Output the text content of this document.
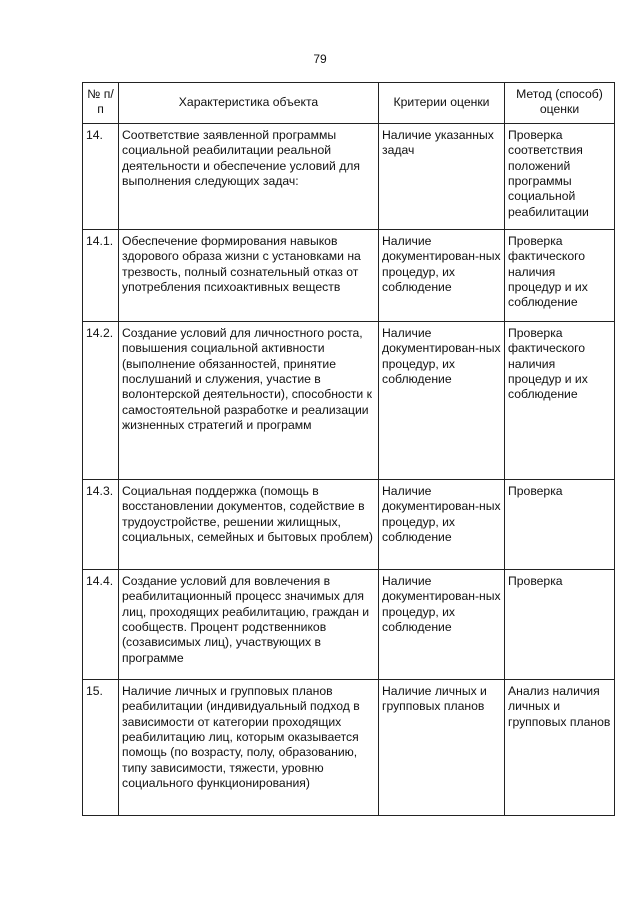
79
№ п/п	Характеристика объекта	Критерии оценки	Метод (способ) оценки
14.	Соответствие заявленной программы социальной реабилитации реальной деятельности и обеспечение условий для выполнения следующих задач:	Наличие указанных задач	Проверка соответствия положений программы социальной реабилитации
14.1.	Обеспечение формирования навыков здорового образа жизни с установками на трезвость, полный сознательный отказ от употребления психоактивных веществ	Наличие документирован-ных процедур, их соблюдение	Проверка фактического наличия процедур и их соблюдение
14.2.	Создание условий для личностного роста, повышения социальной активности (выполнение обязанностей, принятие послушаний и служения, участие в волонтерской деятельности), способности к самостоятельной разработке и реализации жизненных стратегий и программ	Наличие документирован-ных процедур, их соблюдение	Проверка фактического наличия процедур и их соблюдение
14.3.	Социальная поддержка (помощь в восстановлении документов, содействие в трудоустройстве, решении жилищных, социальных, семейных и бытовых проблем)	Наличие документирован-ных процедур, их соблюдение	Проверка
14.4.	Создание условий для вовлечения в реабилитационный процесс значимых для лиц, проходящих реабилитацию, граждан и сообществ. Процент родственников (созависимых лиц), участвующих в программе	Наличие документирован-ных процедур, их соблюдение	Проверка
15.	Наличие личных и групповых планов реабилитации (индивидуальный подход в зависимости от категории проходящих реабилитацию лиц, которым оказывается помощь (по возрасту, полу, образованию, типу зависимости, тяжести, уровню социального функционирования)	Наличие личных и групповых планов	Анализ наличия личных и групповых планов
